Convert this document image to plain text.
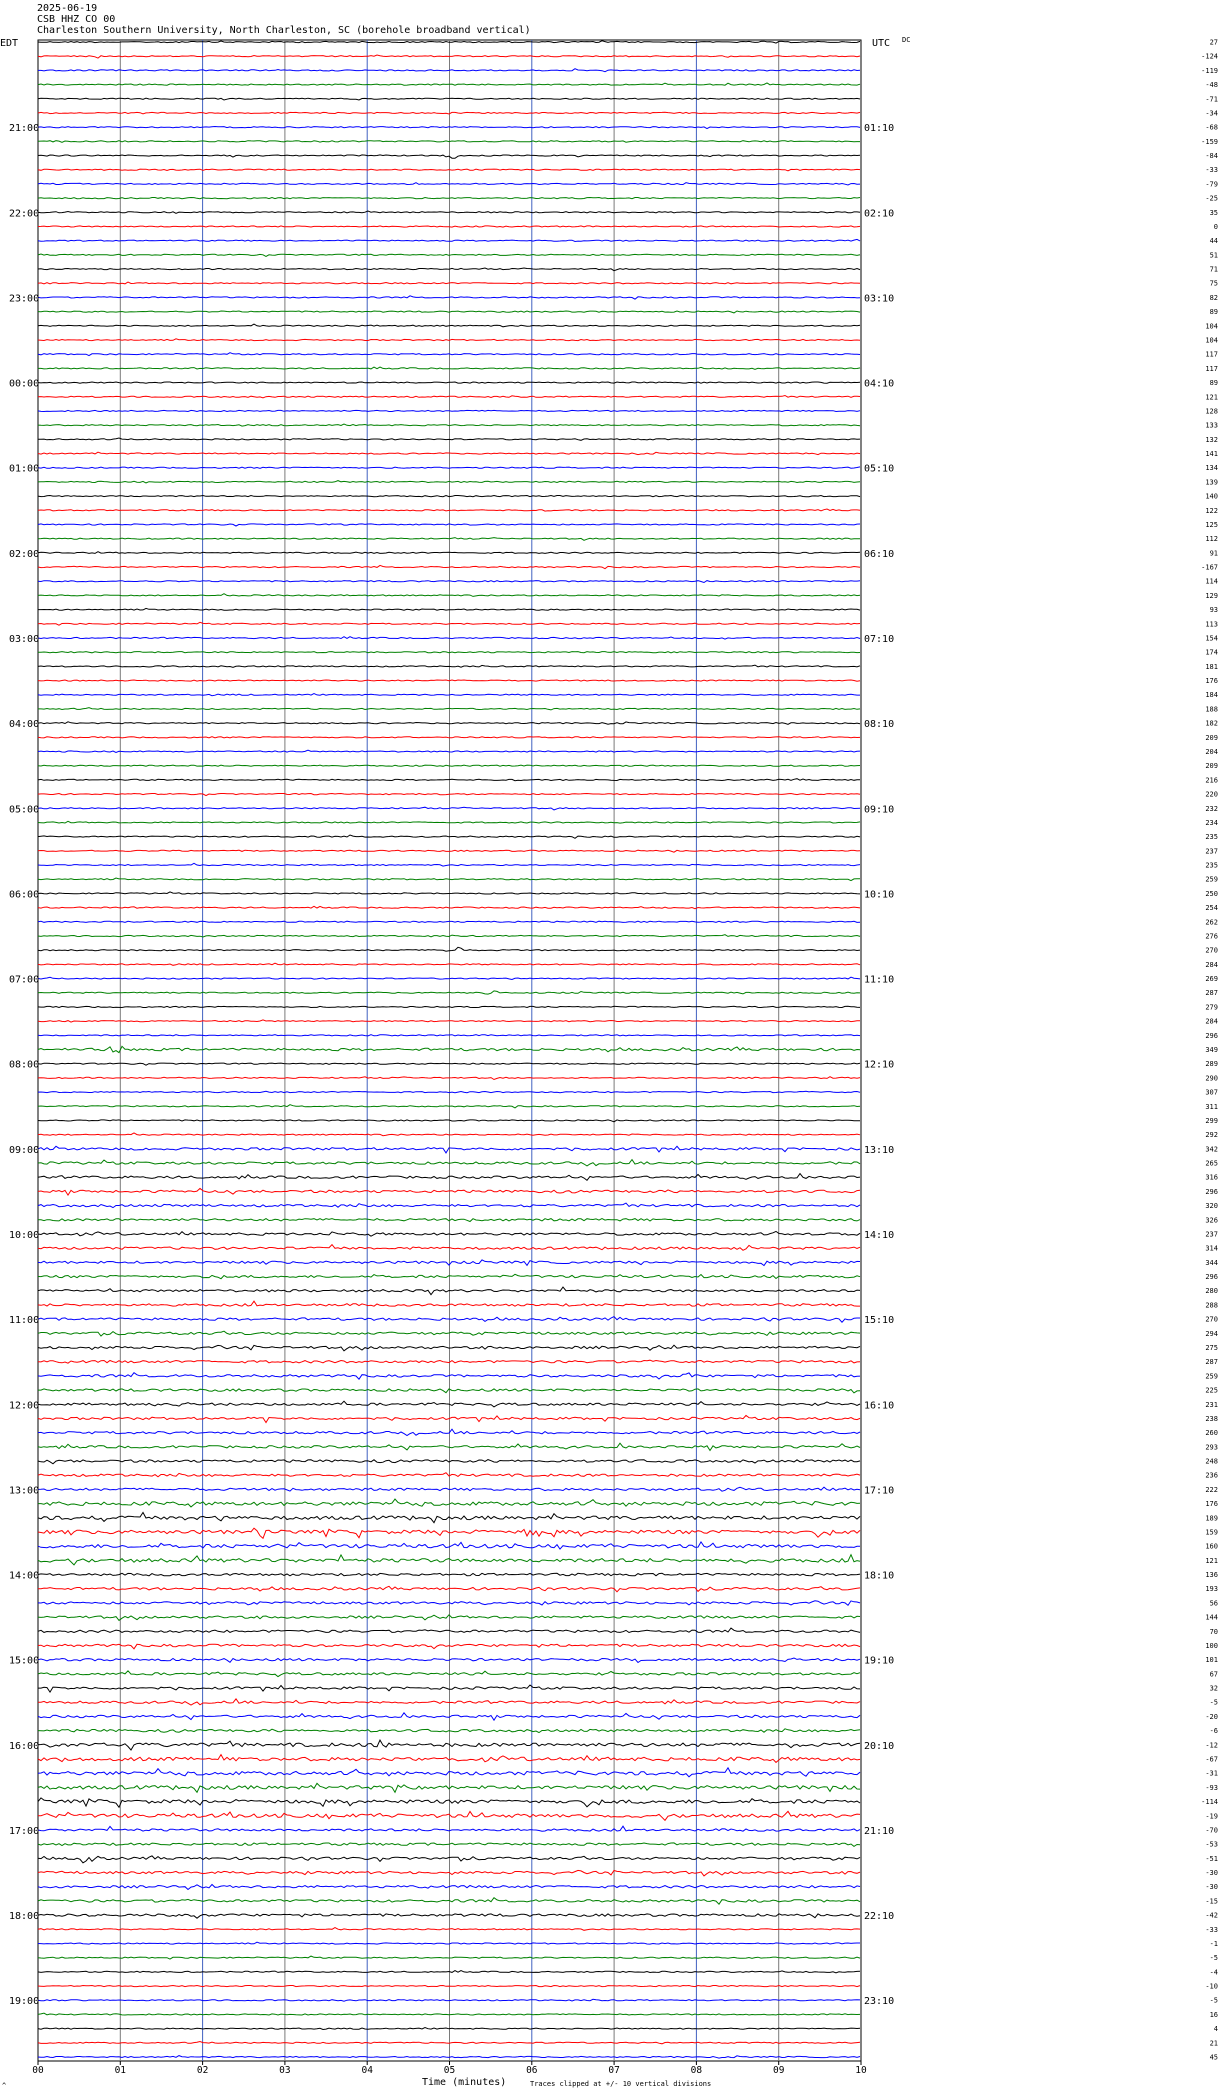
2025-06-19
CSB HHZ CO 00
Charleston Southern University, North Charleston, SC (borehole broadband vertical)
EDT	UTC DC	27
-124
-119
-48
-71
-34
-68
-159
-84
-33
-79
-25
35
0
44
51
71
75
82
89
104
104
117
117
89
121
128
133
132
141
134
139
140
122
125
112
91
-167
114
129
93
113
154
174
181
176
184
188
182
209
204
209
216
220
232
234
235
237
235
259
250
254
262
276
270
284
269
287
279
284
296
349
289
290
307
311
299
292
342
265
316
296
320
326
237
314
344
296
280
288
270
294
275
287
259
225
231
238
260
293
248
236
222
176
189
159
160
121
136
193
56
144
70
100
101
67
32
-5
-20
-6
-12
-67
-31
-93
-114
-19
-70
-53
-51
-30
-30
-15
-42
-33
-1
-5
-4
-10
-5
16
4
21
45
21:00	01:10
22:00	02:10
23:00	03:10
00:00	04:10
01:00	05:10
02:00	06:10
03:00	07:10
04:00	08:10
05:00	09:10
06:00	10:10
07:00	11:10
08:00	12:10
09:00	13:10
10:00	14:10
11:00	15:10
12:00	16:10
13:00	17:10
14:00	18:10
15:00	19:10
16:00	20:10
17:00	21:10
18:00	22:10
19:00	23:10
00	01	02	03	04	05	06	07	08	09	10
Time (minutes)	Traces clipped at +/- 10 vertical divisions
^
